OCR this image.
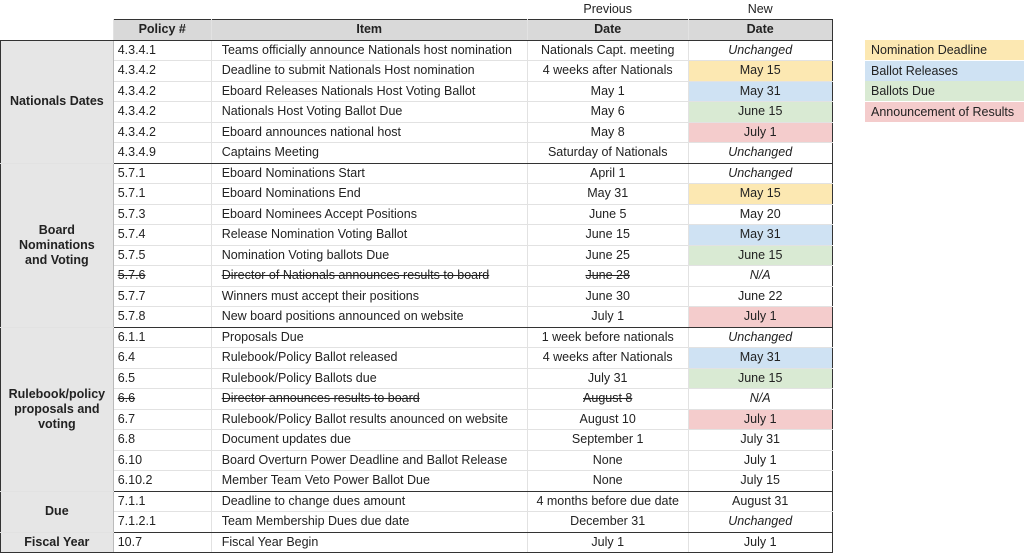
			Previous	New
	Policy #	Item	Date	Date
Nationals Dates	4.3.4.1	Teams officially announce Nationals host nomination	Nationals Capt. meeting	Unchanged
	4.3.4.2	Deadline to submit Nationals Host nomination	4 weeks after Nationals	May 15
	4.3.4.2	Eboard Releases Nationals Host Voting Ballot	May 1	May 31
	4.3.4.2	Nationals Host Voting Ballot Due	May 6	June 15
	4.3.4.2	Eboard announces national host	May 8	July 1
	4.3.4.9	Captains Meeting	Saturday of Nationals	Unchanged
Board Nominations and Voting	5.7.1	Eboard Nominations Start	April 1	Unchanged
	5.7.1	Eboard Nominations End	May 31	May 15
	5.7.3	Eboard Nominees Accept Positions	June 5	May 20
	5.7.4	Release Nomination Voting Ballot	June 15	May 31
	5.7.5	Nomination Voting ballots Due	June 25	June 15
	5.7.6	Director of Nationals announces results to board	June 28	N/A
	5.7.7	Winners must accept their positions	June 30	June 22
	5.7.8	New board positions announced on website	July 1	July 1
Rulebook/policy proposals and voting	6.1.1	Proposals Due	1 week before nationals	Unchanged
	6.4	Rulebook/Policy Ballot released	4 weeks after Nationals	May 31
	6.5	Rulebook/Policy Ballots due	July 31	June 15
	6.6	Director announces results to board	August 8	N/A
	6.7	Rulebook/Policy Ballot results anounced on website	August 10	July 1
	6.8	Document updates due	September 1	July 31
	6.10	Board Overturn Power Deadline and Ballot Release	None	July 1
	6.10.2	Member Team Veto Power Ballot Due	None	July 15
Due	7.1.1	Deadline to change dues amount	4 months before due date	August 31
	7.1.2.1	Team Membership Dues due date	December 31	Unchanged
Fiscal Year	10.7	Fiscal Year Begin	July 1	July 1
Nomination Deadline
Ballot Releases
Ballots Due
Announcement of Results
